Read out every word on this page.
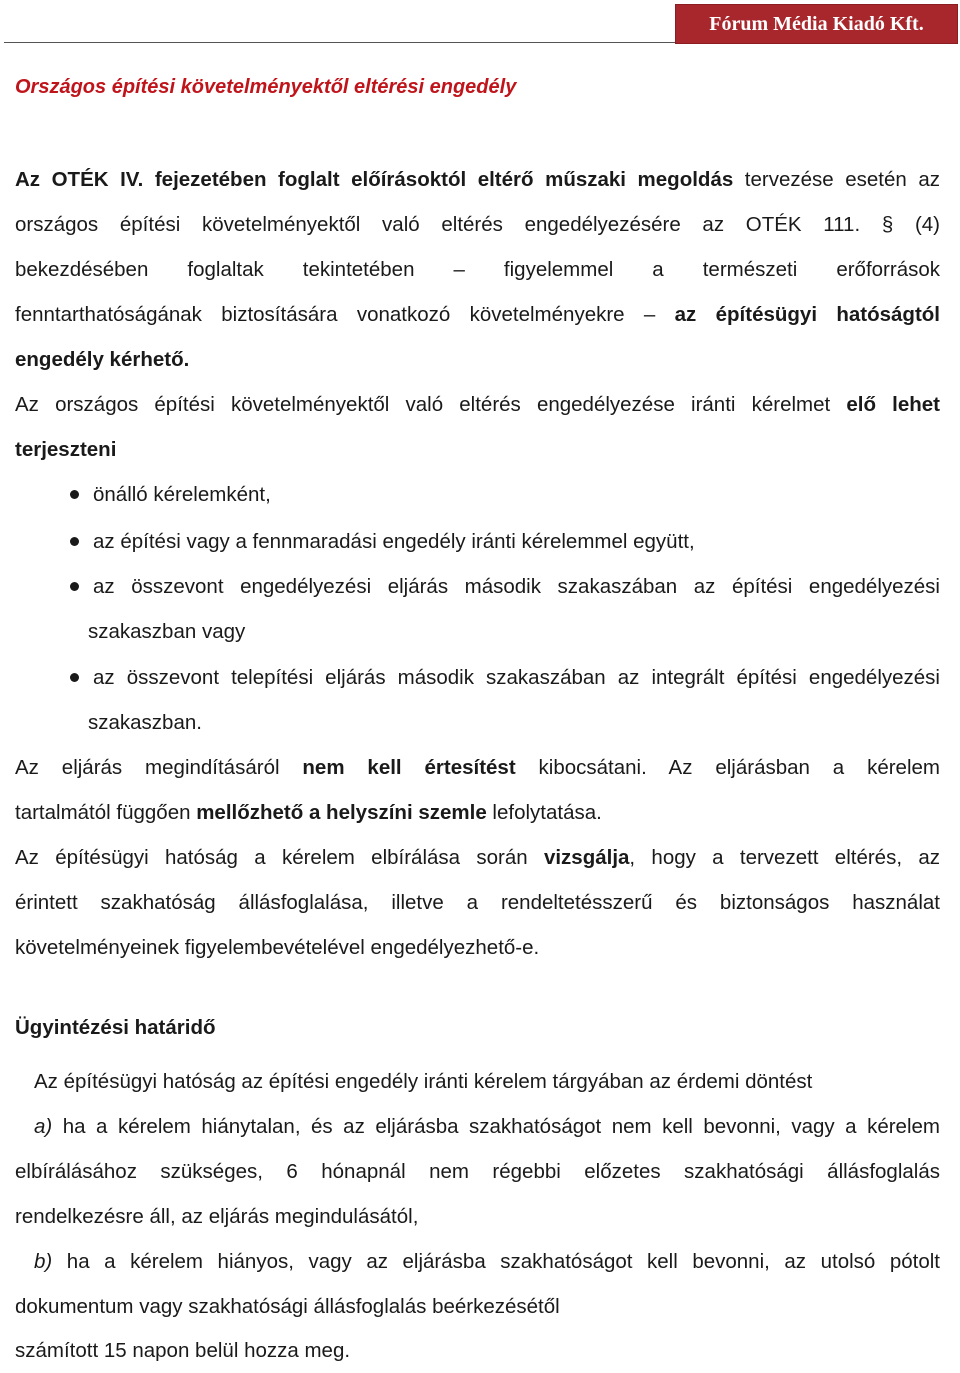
Fórum Média Kiadó Kft.
Országos építési követelményektől eltérési engedély
Az OTÉK IV. fejezetében foglalt előírásoktól eltérő műszaki megoldás tervezése esetén az
országos építési követelményektől való eltérés engedélyezésére az OTÉK 111. § (4)
bekezdésében foglaltak tekintetében – figyelemmel a természeti erőforrások
fenntarthatóságának biztosítására vonatkozó követelményekre – az építésügyi hatóságtól
engedély kérhető.
Az országos építési követelményektől való eltérés engedélyezése iránti kérelmet elő lehet
terjeszteni
önálló kérelemként,
az építési vagy a fennmaradási engedély iránti kérelemmel együtt,
az összevont engedélyezési eljárás második szakaszában az építési engedélyezési
szakaszban vagy
az összevont telepítési eljárás második szakaszában az integrált építési engedélyezési
szakaszban.
Az eljárás megindításáról nem kell értesítést kibocsátani. Az eljárásban a kérelem
tartalmától függően mellőzhető a helyszíni szemle lefolytatása.
Az építésügyi hatóság a kérelem elbírálása során vizsgálja, hogy a tervezett eltérés, az
érintett szakhatóság állásfoglalása, illetve a rendeltetésszerű és biztonságos használat
követelményeinek figyelembevételével engedélyezhető-e.
Ügyintézési határidő
Az építésügyi hatóság az építési engedély iránti kérelem tárgyában az érdemi döntést
a) ha a kérelem hiánytalan, és az eljárásba szakhatóságot nem kell bevonni, vagy a kérelem
elbírálásához szükséges, 6 hónapnál nem régebbi előzetes szakhatósági állásfoglalás
rendelkezésre áll, az eljárás megindulásától,
b) ha a kérelem hiányos, vagy az eljárásba szakhatóságot kell bevonni, az utolsó pótolt
dokumentum vagy szakhatósági állásfoglalás beérkezésétől
számított 15 napon belül hozza meg.
